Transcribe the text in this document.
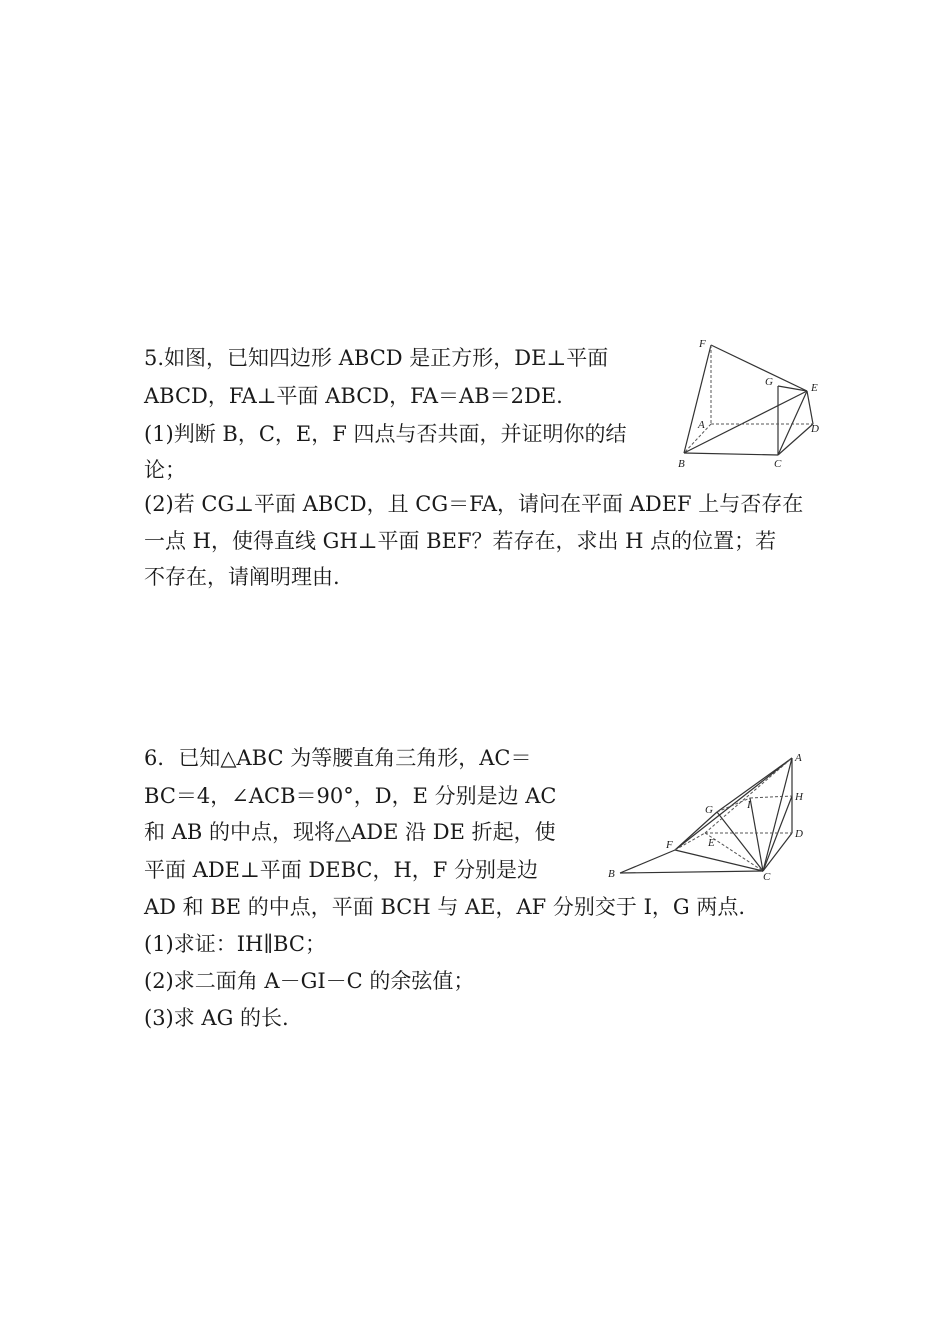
5.如图，已知四边形 ABCD 是正方形，DE⊥平面
ABCD，FA⊥平面 ABCD，FA＝AB＝2DE.
(1)判断 B，C，E，F 四点与否共面，并证明你的结
论；
(2)若 CG⊥平面 ABCD，且 CG＝FA，请问在平面 ADEF 上与否存在
一点 H，使得直线 GH⊥平面 BEF？若存在，求出 H 点的位置；若
不存在，请阐明理由.
F
G	E
A	D
B	C
6．已知△ABC 为等腰直角三角形，AC＝
BC＝4，∠ACB＝90°，D，E 分别是边 AC
和 AB 的中点，现将△ADE 沿 DE 折起，使
平面 ADE⊥平面 DEBC，H，F 分别是边
AD 和 BE 的中点，平面 BCH 与 AE，AF 分别交于 I，G 两点.
(1)求证：IH∥BC；
(2)求二面角 A－GI－C 的余弦值；
(3)求 AG 的长.
A
H
G	I
D
F	E
B	C
